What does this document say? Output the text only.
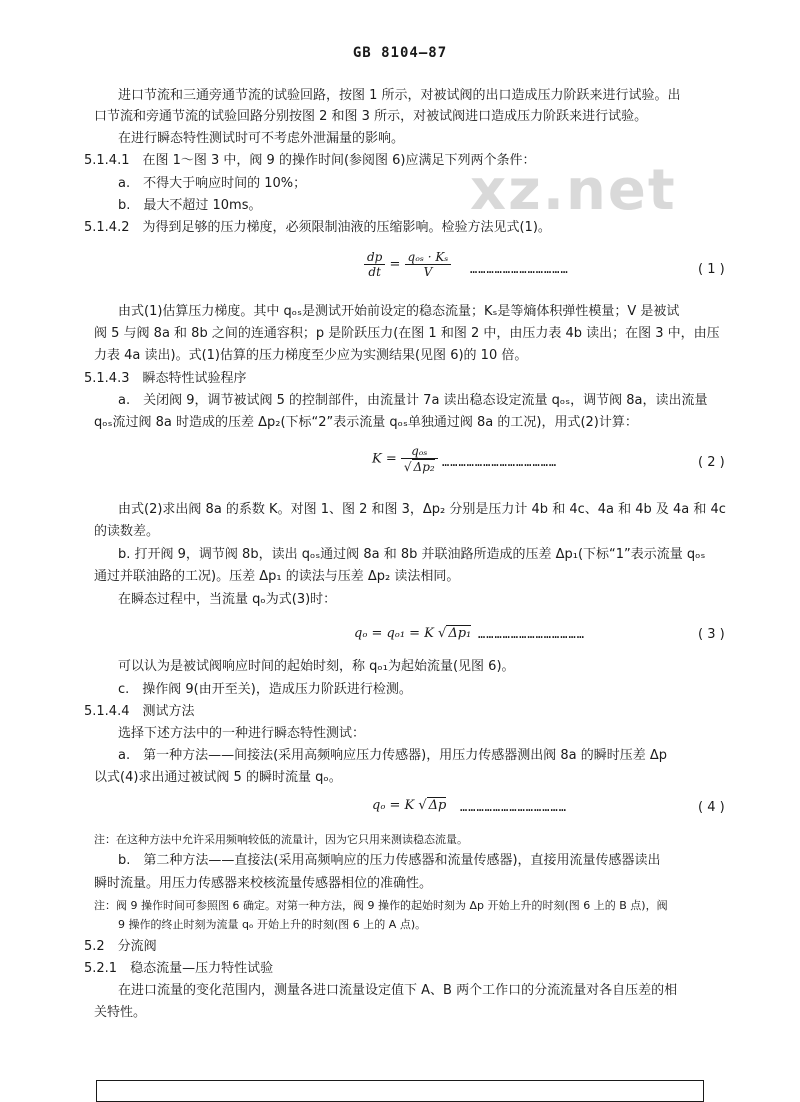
GB 8104—87
xz.net
进口节流和三通旁通节流的试验回路，按图 1 所示，对被试阀的出口造成压力阶跃来进行试验。出
口节流和旁通节流的试验回路分别按图 2 和图 3 所示，对被试阀进口造成压力阶跃来进行试验。
在进行瞬态特性测试时可不考虑外泄漏量的影响。
5.1.4.1　在图 1～图 3 中，阀 9 的操作时间(参阅图 6)应满足下列两个条件：
a.　不得大于响应时间的 10%；
b.　最大不超过 10ms。
5.1.4.2　为得到足够的压力梯度，必须限制油液的压缩影响。检验方法见式(1)。
$\frac{dp}{dt} = \frac{\text{qₒₛ · Kₛ}}{V}$ ………………………………	( 1 )
由式(1)估算压力梯度。其中 qₒₛ是测试开始前设定的稳态流量；Kₛ是等熵体积弹性模量；V 是被试
阀 5 与阀 8a 和 8b 之间的连通容积；p 是阶跃压力(在图 1 和图 2 中，由压力表 4b 读出；在图 3 中，由压
力表 4a 读出)。式(1)估算的压力梯度至少应为实测结果(见图 6)的 10 倍。
5.1.4.3　瞬态特性试验程序
a.　关闭阀 9，调节被试阀 5 的控制部件，由流量计 7a 读出稳态设定流量 qₒₛ，调节阀 8a，读出流量
qₒₛ流过阀 8a 时造成的压差 Δp₂(下标“2”表示流量 qₒₛ单独通过阀 8a 的工况)，用式(2)计算：
$K = \frac{\text{qₒₛ}}{\text{√ Δp₂}}$ ……………………………………	( 2 )
由式(2)求出阀 8a 的系数 K。对图 1、图 2 和图 3，Δp₂ 分别是压力计 4b 和 4c、4a 和 4b 及 4a 和 4c
的读数差。
b. 打开阀 9，调节阀 8b，读出 qₒₛ通过阀 8a 和 8b 并联油路所造成的压差 Δp₁(下标“1”表示流量 qₒₛ
通过并联油路的工况)。压差 Δp₁ 的读法与压差 Δp₂ 读法相同。
在瞬态过程中，当流量 qₒ为式(3)时：
qₒ = qₒ₁ = K √ Δp₁ …………………………………	( 3 )
可以认为是被试阀响应时间的起始时刻，称 qₒ₁为起始流量(见图 6)。
c.　操作阀 9(由开至关)，造成压力阶跃进行检测。
5.1.4.4　测试方法
选择下述方法中的一种进行瞬态特性测试：
a.　第一种方法——间接法(采用高频响应压力传感器)，用压力传感器测出阀 8a 的瞬时压差 Δp
以式(4)求出通过被试阀 5 的瞬时流量 qₒ。
qₒ = K √ Δp …………………………………	( 4 )
注：在这种方法中允许采用频响较低的流量计，因为它只用来测读稳态流量。
b.　第二种方法——直接法(采用高频响应的压力传感器和流量传感器)，直接用流量传感器读出
瞬时流量。用压力传感器来校核流量传感器相位的准确性。
注：阀 9 操作时间可参照图 6 确定。对第一种方法，阀 9 操作的起始时刻为 Δp 开始上升的时刻(图 6 上的 B 点)，阀
9 操作的终止时刻为流量 qₒ 开始上升的时刻(图 6 上的 A 点)。
5.2　分流阀
5.2.1　稳态流量—压力特性试验
在进口流量的变化范围内，测量各进口流量设定值下 A、B 两个工作口的分流流量对各自压差的相
关特性。
